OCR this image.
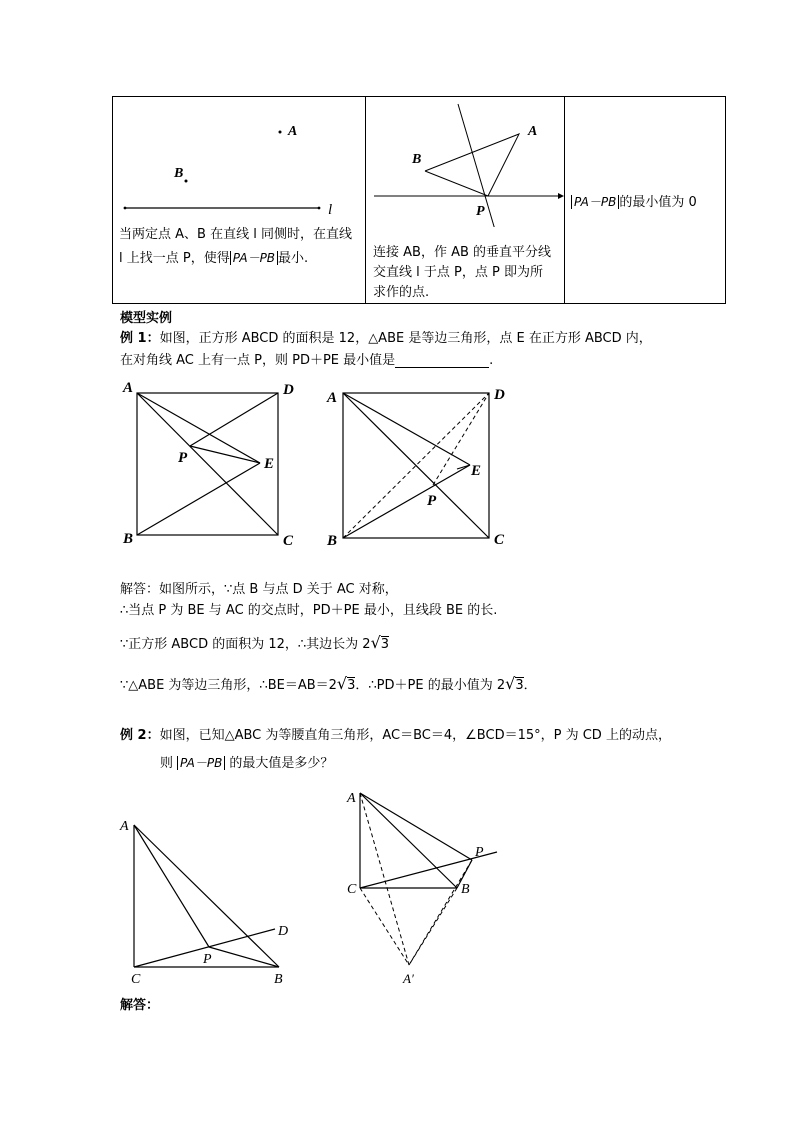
A
B
l
当两定点 A、B 在直线 l 同侧时，在直线
l 上找一点 P，使得 PA－PB 最小.

A
B
P
连接 AB，作 AB 的垂直平分线
交直线 l 于点 P，点 P 即为所
求作的点.

PA－PB 的最小值为 0
模型实例
例 1：如图，正方形 ABCD 的面积是 12，△ABE 是等边三角形，点 E 在正方形 ABCD 内，
在对角线 AC 上有一点 P，则 PD＋PE 最小值是	.
A	D
B	C
E
P
A	D
B	C
E
P
解答：如图所示，∵点 B 与点 D 关于 AC 对称，
∴当点 P 为 BE 与 AC 的交点时，PD＋PE 最小，且线段 BE 的长.
∵正方形 ABCD 的面积为 12，∴其边长为 2√3
∵△ABE 为等边三角形，∴BE＝AB＝2√3．∴PD＋PE 的最小值为 2√3．
例 2：如图，已知△ABC 为等腰直角三角形，AC＝BC＝4，∠BCD＝15°，P 为 CD 上的动点，
则 PA－PB 的最大值是多少？
A
C	B
D
P
A
C	B
P
A′
解答：
